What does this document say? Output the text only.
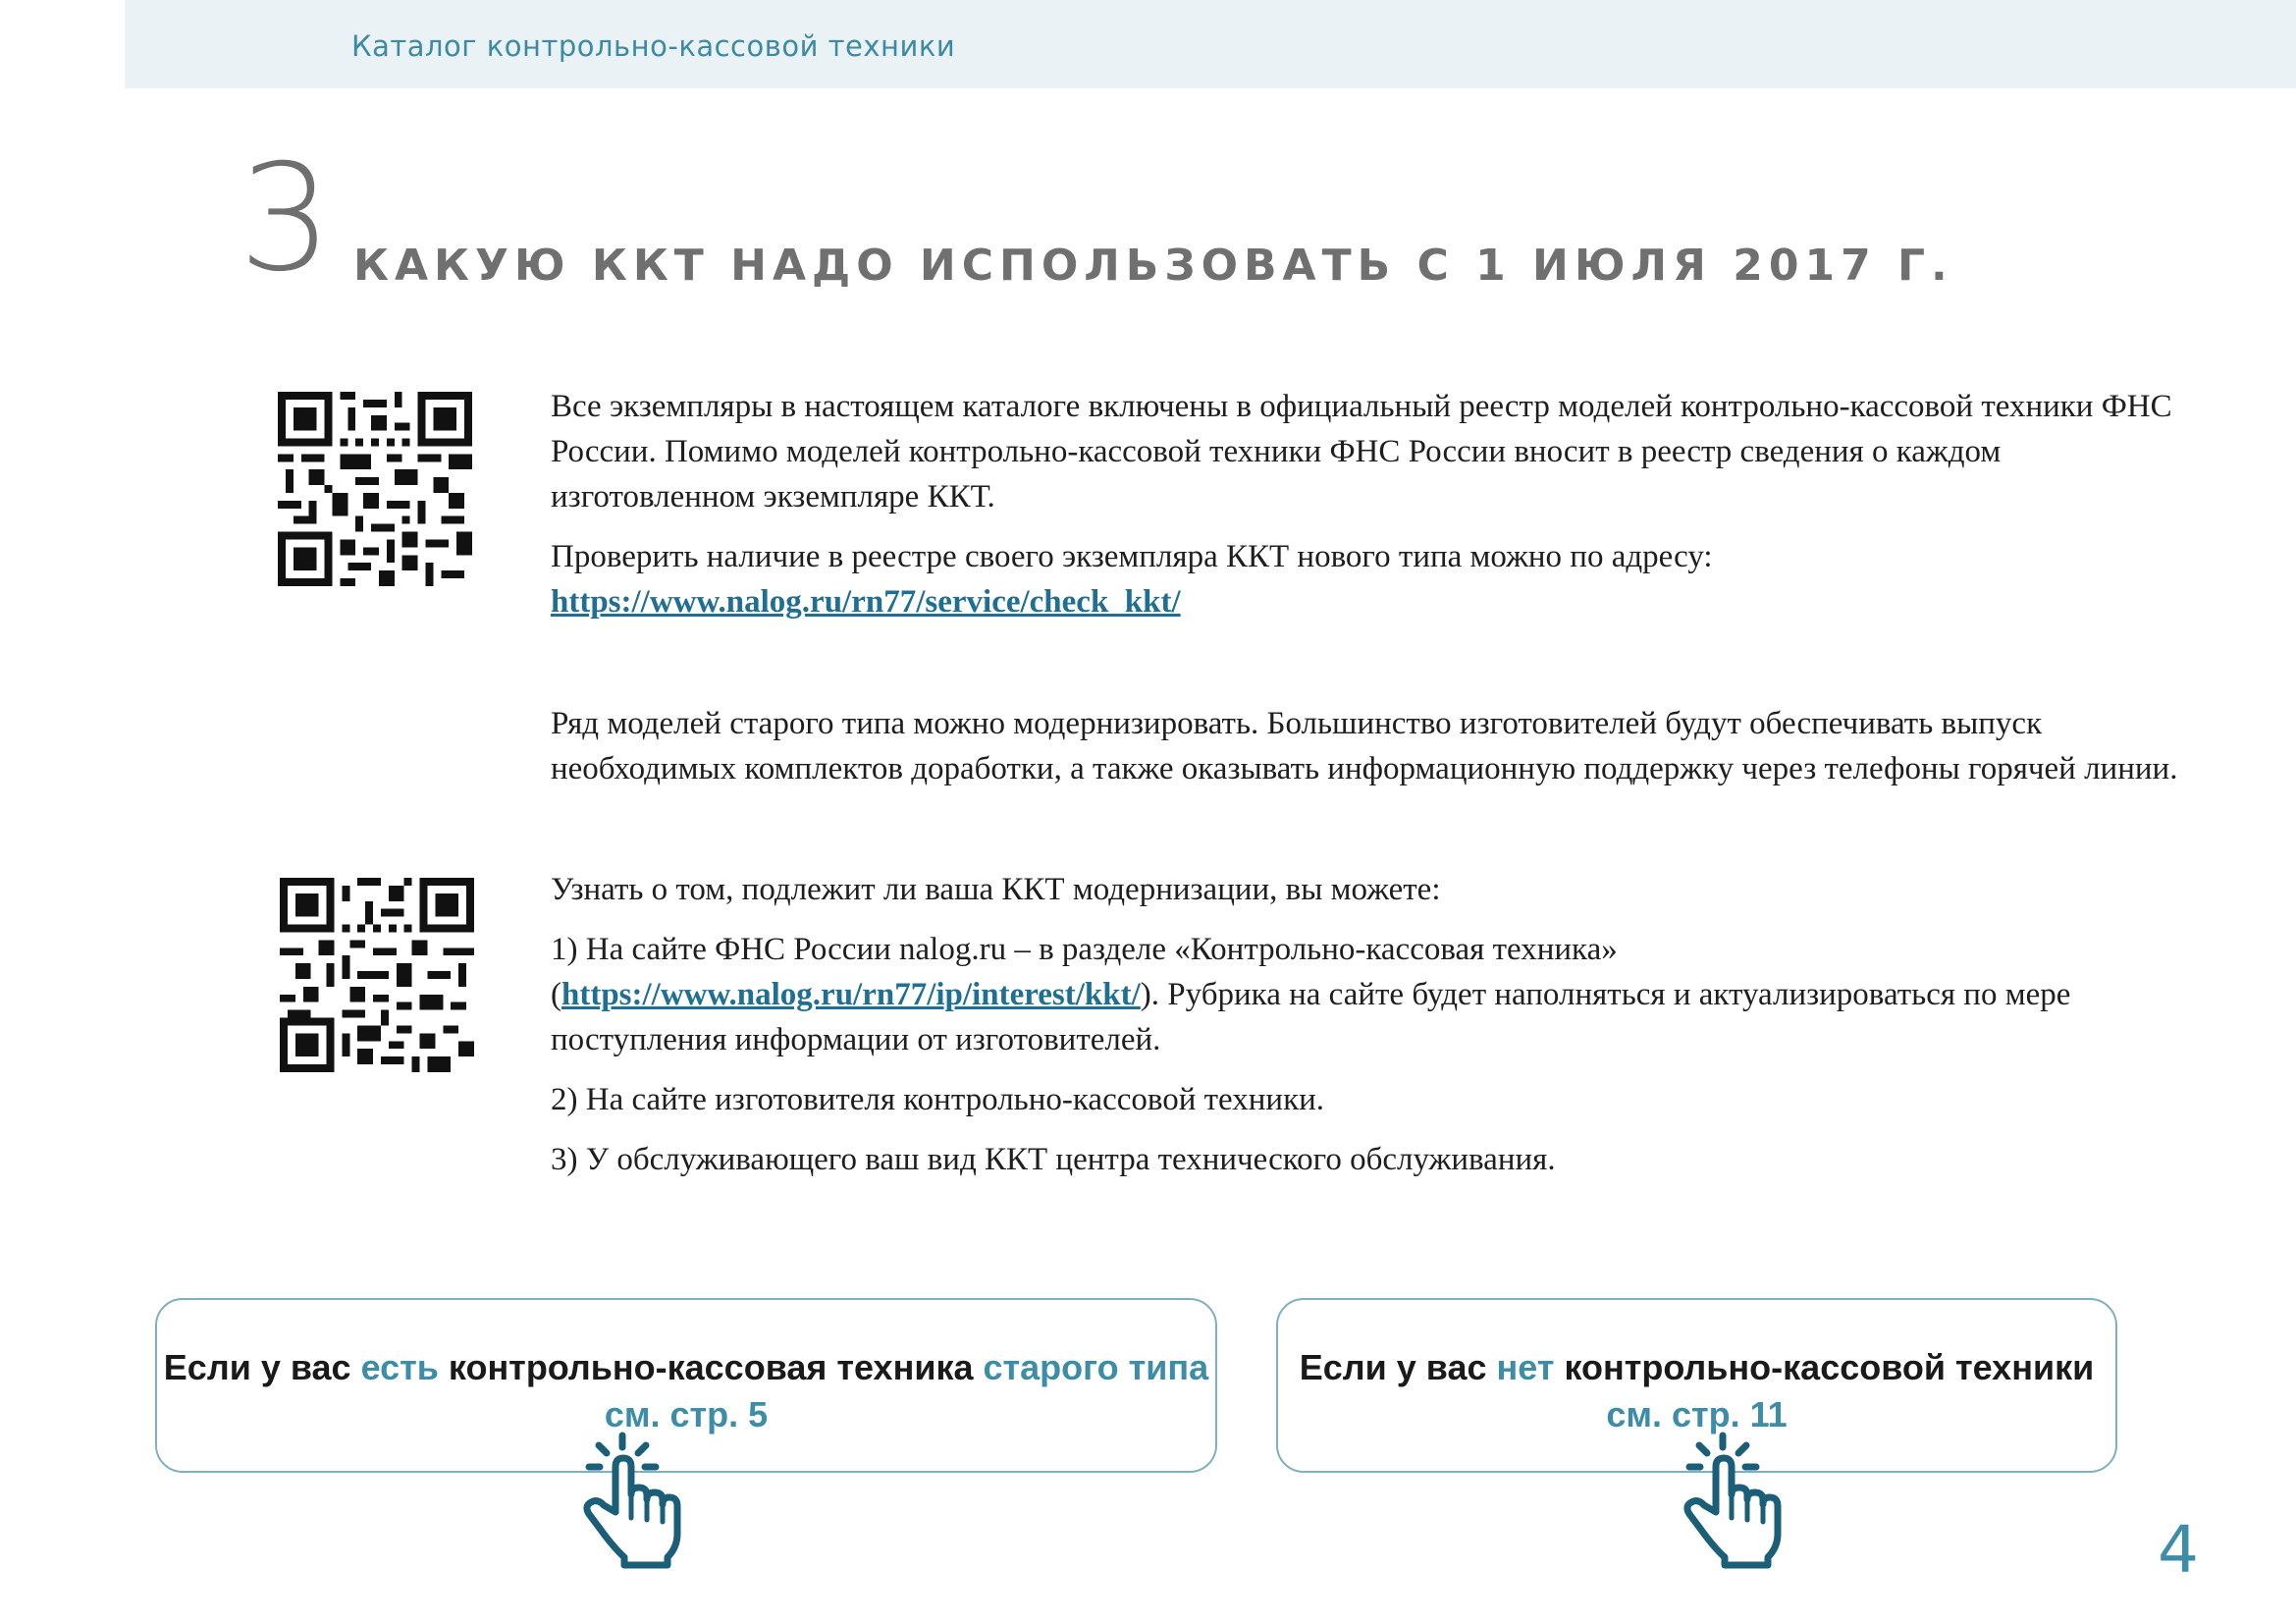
Каталог контрольно-кассовой техники
3 КАКУЮ ККТ НАДО ИСПОЛЬЗОВАТЬ С 1 ИЮЛЯ 2017 Г.

Все экземпляры в настоящем каталоге включены в официальный реестр моделей контрольно-кассовой техники ФНС России. Помимо моделей контрольно-кассовой техники ФНС России вносит в реестр сведения о каждом изготовленном экземпляре ККТ.

Проверить наличие в реестре своего экземпляра ККТ нового типа можно по адресу:
https://www.nalog.ru/rn77/service/check_kkt/

Ряд моделей старого типа можно модернизировать. Большинство изготовителей будут обеспечивать выпуск необходимых комплектов доработки, а также оказывать информационную поддержку через телефоны горячей линии.

Узнать о том, подлежит ли ваша ККТ модернизации, вы можете:

1) На сайте ФНС России nalog.ru – в разделе «Контрольно-кассовая техника» (https://www.nalog.ru/rn77/ip/interest/kkt/). Рубрика на сайте будет наполняться и актуализироваться по мере поступления информации от изготовителей.

2) На сайте изготовителя контрольно-кассовой техники.

3) У обслуживающего ваш вид ККТ центра технического обслуживания.

Если у вас есть контрольно-кассовая техника старого типа
см. стр. 5
Если у вас нет контрольно-кассовой техники
см. стр. 11
4
